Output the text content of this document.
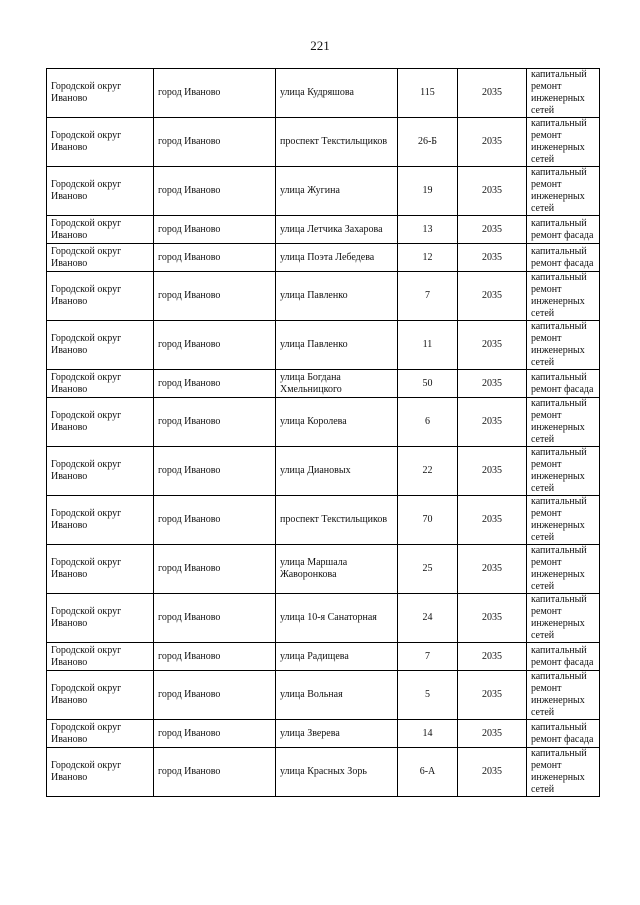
221
Городской округ Иваново	город Иваново	улица Кудряшова	115	2035	капитальный ремонт инженерных сетей
Городской округ Иваново	город Иваново	проспект Текстильщиков	26-Б	2035	капитальный ремонт инженерных сетей
Городской округ Иваново	город Иваново	улица Жугина	19	2035	капитальный ремонт инженерных сетей
Городской округ Иваново	город Иваново	улица Летчика Захарова	13	2035	капитальный ремонт фасада
Городской округ Иваново	город Иваново	улица Поэта Лебедева	12	2035	капитальный ремонт фасада
Городской округ Иваново	город Иваново	улица Павленко	7	2035	капитальный ремонт инженерных сетей
Городской округ Иваново	город Иваново	улица Павленко	11	2035	капитальный ремонт инженерных сетей
Городской округ Иваново	город Иваново	улица Богдана Хмельницкого	50	2035	капитальный ремонт фасада
Городской округ Иваново	город Иваново	улица Королева	6	2035	капитальный ремонт инженерных сетей
Городской округ Иваново	город Иваново	улица Диановых	22	2035	капитальный ремонт инженерных сетей
Городской округ Иваново	город Иваново	проспект Текстильщиков	70	2035	капитальный ремонт инженерных сетей
Городской округ Иваново	город Иваново	улица Маршала Жаворонкова	25	2035	капитальный ремонт инженерных сетей
Городской округ Иваново	город Иваново	улица 10-я Санаторная	24	2035	капитальный ремонт инженерных сетей
Городской округ Иваново	город Иваново	улица Радищева	7	2035	капитальный ремонт фасада
Городской округ Иваново	город Иваново	улица Вольная	5	2035	капитальный ремонт инженерных сетей
Городской округ Иваново	город Иваново	улица Зверева	14	2035	капитальный ремонт фасада
Городской округ Иваново	город Иваново	улица Красных Зорь	6-А	2035	капитальный ремонт инженерных сетей
